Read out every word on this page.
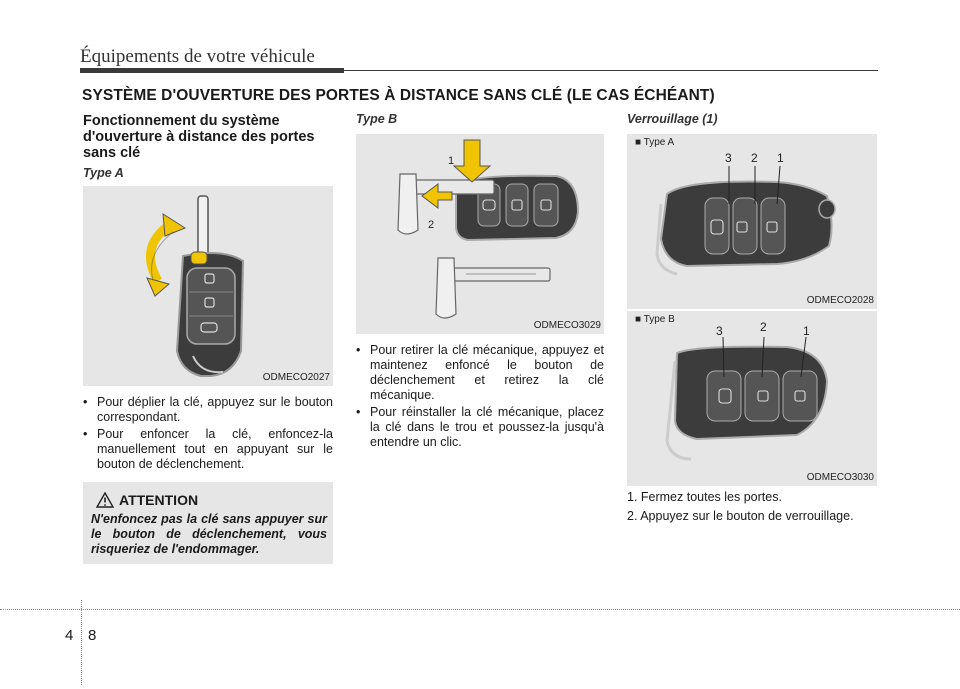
Équipements de votre véhicule
SYSTÈME D'OUVERTURE DES PORTES À DISTANCE SANS CLÉ (LE CAS ÉCHÉANT)
Fonctionnement du système d'ouverture à distance des portes sans clé
Type A
ODMECO2027
• Pour déplier la clé, appuyez sur le bouton correspondant.
• Pour enfoncer la clé, enfoncez-la manuellement tout en appuyant sur le bouton de déclenchement.
ATTENTION
N'enfoncez pas la clé sans appuyer sur le bouton de déclenchement, vous risqueriez de l'endommager.
Type B
1
2
ODMECO3029
• Pour retirer la clé mécanique, appuyez et maintenez enfoncé le bouton de déclenchement et retirez la clé mécanique.
• Pour réinstaller la clé mécanique, placez la clé dans le trou et poussez-la jusqu'à entendre un clic.
Verrouillage (1)
■ Type A
3 2 1
ODMECO2028
■ Type B
3	2	1
ODMECO3030
1. Fermez toutes les portes.
2. Appuyez sur le bouton de verrouillage.
4 8
